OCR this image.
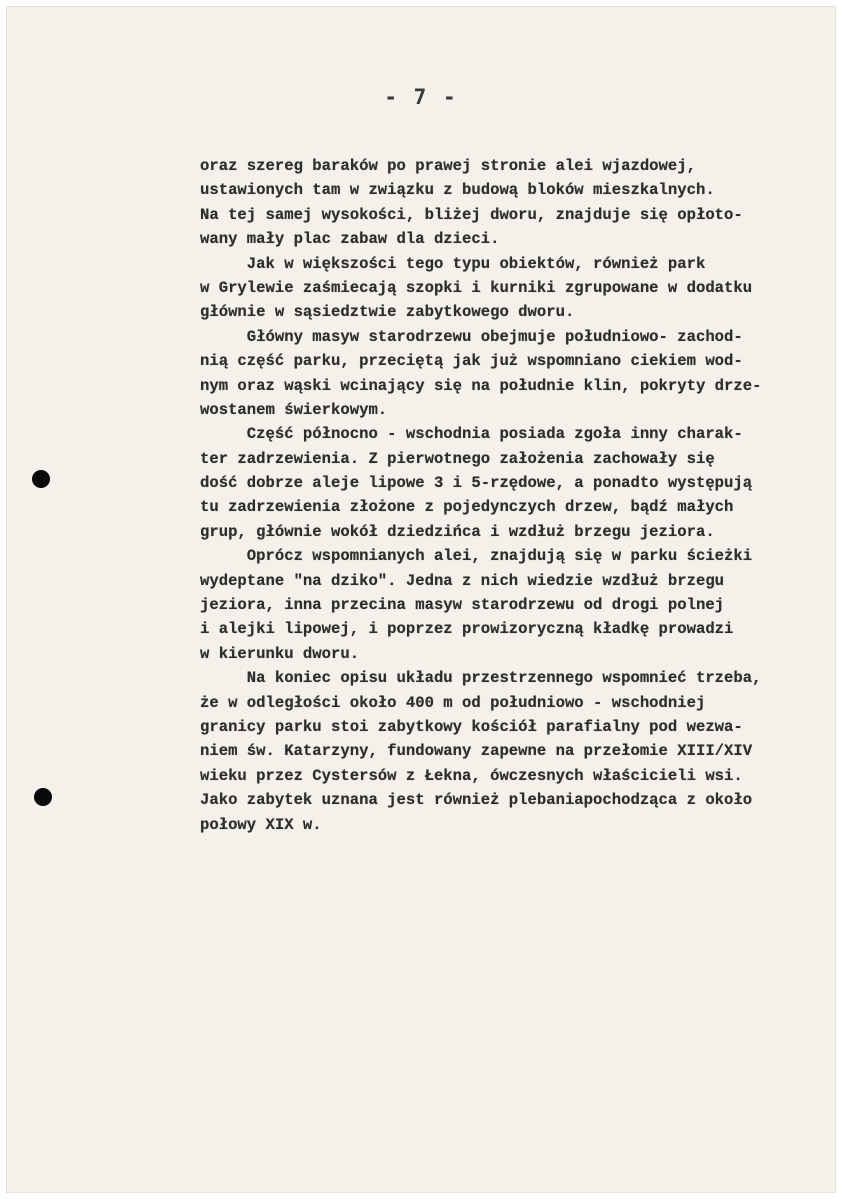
- 7 -
oraz szereg baraków po prawej stronie alei wjazdowej,
ustawionych tam w związku z budową bloków mieszkalnych.
Na tej samej wysokości, bliżej dworu, znajduje się opłoto-
wany mały plac zabaw dla dzieci.
Jak w większości tego typu obiektów, również park
w Grylewie zaśmiecają szopki i kurniki zgrupowane w dodatku
głównie w sąsiedztwie zabytkowego dworu.
Główny masyw starodrzewu obejmuje południowo- zachod-
nią część parku, przeciętą jak już wspomniano ciekiem wod-
nym oraz wąski wcinający się na południe klin, pokryty drze-
wostanem świerkowym.
Część północno - wschodnia posiada zgoła inny charak-
ter zadrzewienia. Z pierwotnego założenia zachowały się
dość dobrze aleje lipowe 3 i 5-rzędowe, a ponadto występują
tu zadrzewienia złożone z pojedynczych drzew, bądź małych
grup, głównie wokół dziedzińca i wzdłuż brzegu jeziora.
Oprócz wspomnianych alei, znajdują się w parku ścieżki
wydeptane "na dziko". Jedna z nich wiedzie wzdłuż brzegu
jeziora, inna przecina masyw starodrzewu od drogi polnej
i alejki lipowej, i poprzez prowizoryczną kładkę prowadzi
w kierunku dworu.
Na koniec opisu układu przestrzennego wspomnieć trzeba,
że w odległości około 400 m od południowo - wschodniej
granicy parku stoi zabytkowy kościół parafialny pod wezwa-
niem św. Katarzyny, fundowany zapewne na przełomie XIII/XIV
wieku przez Cystersów z Łekna, ówczesnych właścicieli wsi.
Jako zabytek uznana jest również plebaniapochodząca z około
połowy XIX w.
